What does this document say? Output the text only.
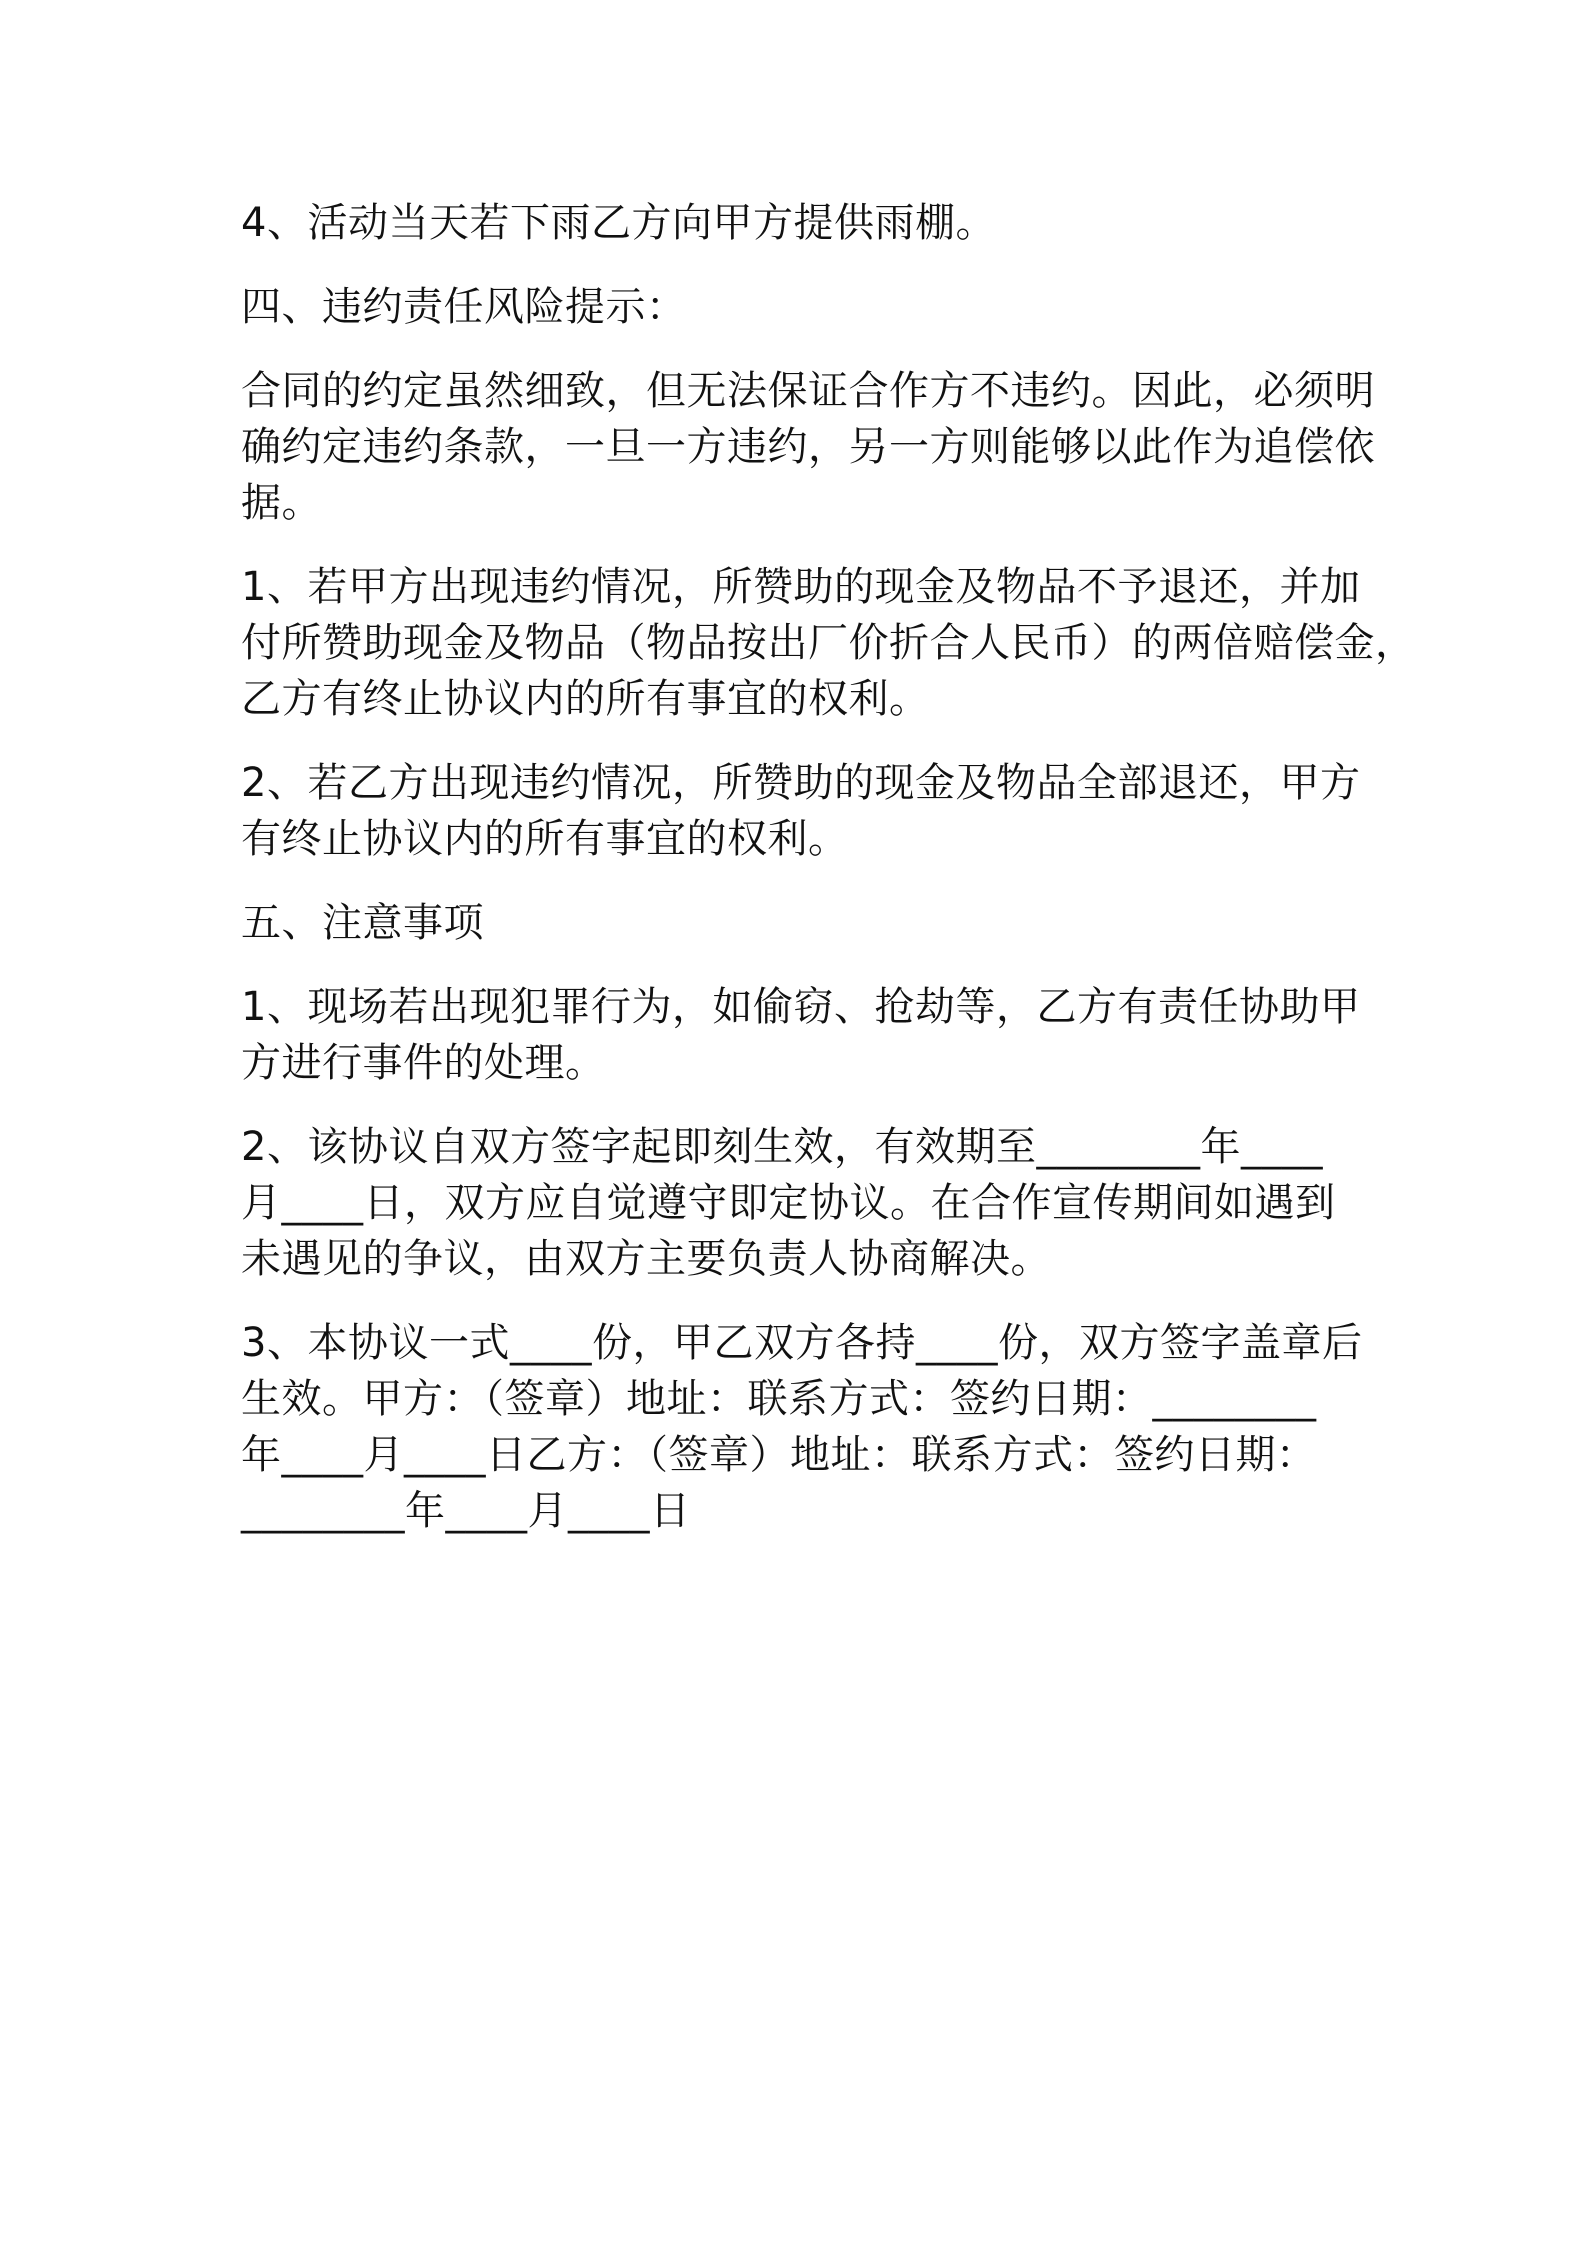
4、活动当天若下雨乙方向甲方提供雨棚。
四、违约责任风险提示：
合同的约定虽然细致，但无法保证合作方不违约。因此，必须明
确约定违约条款，一旦一方违约，另一方则能够以此作为追偿依
据。
1、若甲方出现违约情况，所赞助的现金及物品不予退还，并加
付所赞助现金及物品（物品按出厂价折合人民币）的两倍赔偿金，
乙方有终止协议内的所有事宜的权利。
2、若乙方出现违约情况，所赞助的现金及物品全部退还，甲方
有终止协议内的所有事宜的权利。
五、注意事项
1、现场若出现犯罪行为，如偷窃、抢劫等，乙方有责任协助甲
方进行事件的处理。
2、该协议自双方签字起即刻生效，有效期至________年____
月____日，双方应自觉遵守即定协议。在合作宣传期间如遇到
未遇见的争议，由双方主要负责人协商解决。
3、本协议一式____份，甲乙双方各持____份，双方签字盖章后
生效。甲方：（签章）地址：联系方式：签约日期：________
年____月____日乙方：（签章）地址：联系方式：签约日期：
________年____月____日
